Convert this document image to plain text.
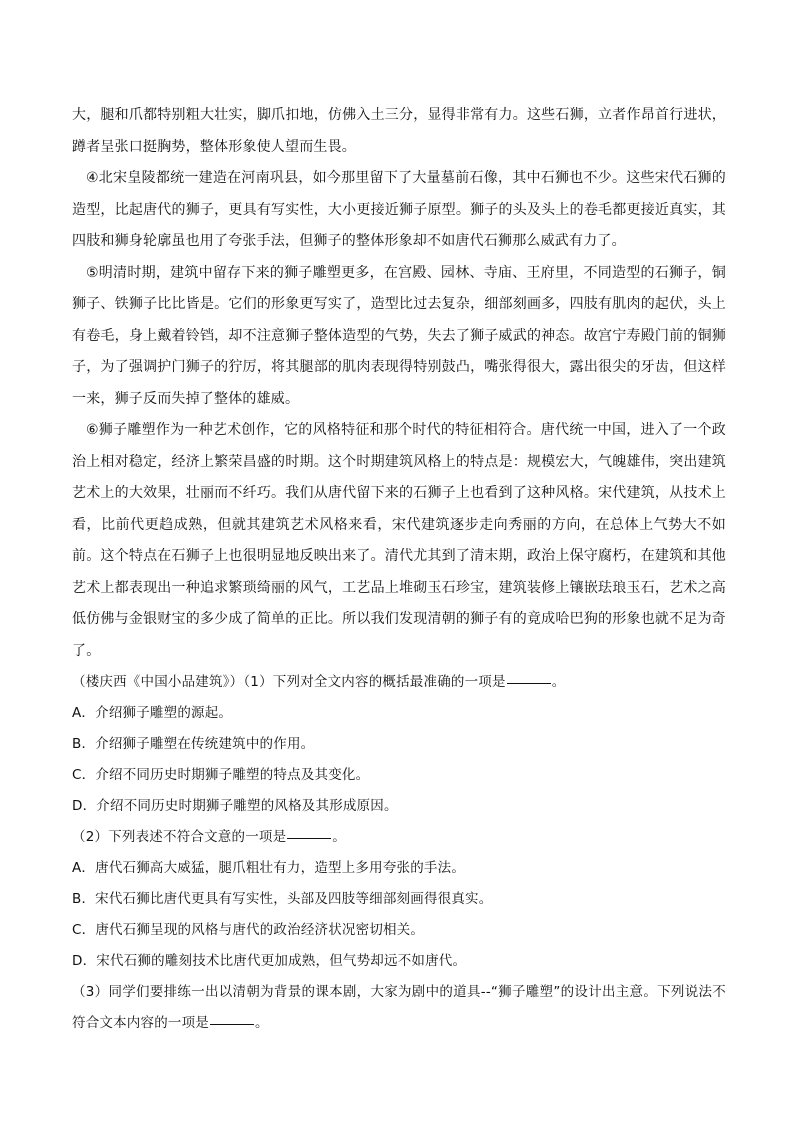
大，腿和爪都特别粗大壮实，脚爪扣地，仿佛入土三分，显得非常有力。这些石狮，立者作昂首行进状，蹲者呈张口挺胸势，整体形象使人望而生畏。

④北宋皇陵都统一建造在河南巩县，如今那里留下了大量墓前石像，其中石狮也不少。这些宋代石狮的造型，比起唐代的狮子，更具有写实性，大小更接近狮子原型。狮子的头及头上的卷毛都更接近真实，其四肢和狮身轮廓虽也用了夸张手法，但狮子的整体形象却不如唐代石狮那么威武有力了。

⑤明清时期，建筑中留存下来的狮子雕塑更多，在宫殿、园林、寺庙、王府里，不同造型的石狮子，铜狮子、铁狮子比比皆是。它们的形象更写实了，造型比过去复杂，细部刻画多，四肢有肌肉的起伏，头上有卷毛，身上戴着铃铛，却不注意狮子整体造型的气势，失去了狮子威武的神态。故宫宁寿殿门前的铜狮子，为了强调护门狮子的狞厉，将其腿部的肌肉表现得特别鼓凸，嘴张得很大，露出很尖的牙齿，但这样一来，狮子反而失掉了整体的雄威。

⑥狮子雕塑作为一种艺术创作，它的风格特征和那个时代的特征相符合。唐代统一中国，进入了一个政治上相对稳定，经济上繁荣昌盛的时期。这个时期建筑风格上的特点是：规模宏大，气魄雄伟，突出建筑艺术上的大效果，壮丽而不纤巧。我们从唐代留下来的石狮子上也看到了这种风格。宋代建筑，从技术上看，比前代更趋成熟，但就其建筑艺术风格来看，宋代建筑逐步走向秀丽的方向，在总体上气势大不如前。这个特点在石狮子上也很明显地反映出来了。清代尤其到了清末期，政治上保守腐朽，在建筑和其他艺术上都表现出一种追求繁琐绮丽的风气，工艺品上堆砌玉石珍宝，建筑装修上镶嵌珐琅玉石，艺术之高低仿佛与金银财宝的多少成了简单的正比。所以我们发现清朝的狮子有的竟成哈巴狗的形象也就不足为奇了。

（楼庆西《中国小品建筑》）（1）下列对全文内容的概括最准确的一项是	。

A．介绍狮子雕塑的源起。

B．介绍狮子雕塑在传统建筑中的作用。

C．介绍不同历史时期狮子雕塑的特点及其变化。

D．介绍不同历史时期狮子雕塑的风格及其形成原因。

（2）下列表述不符合文意的一项是	。

A．唐代石狮高大威猛，腿爪粗壮有力，造型上多用夸张的手法。

B．宋代石狮比唐代更具有写实性，头部及四肢等细部刻画得很真实。

C．唐代石狮呈现的风格与唐代的政治经济状况密切相关。

D．宋代石狮的雕刻技术比唐代更加成熟，但气势却远不如唐代。

（3）同学们要排练一出以清朝为背景的课本剧，大家为剧中的道具--“狮子雕塑”的设计出主意。下列说法不符合文本内容的一项是	。
